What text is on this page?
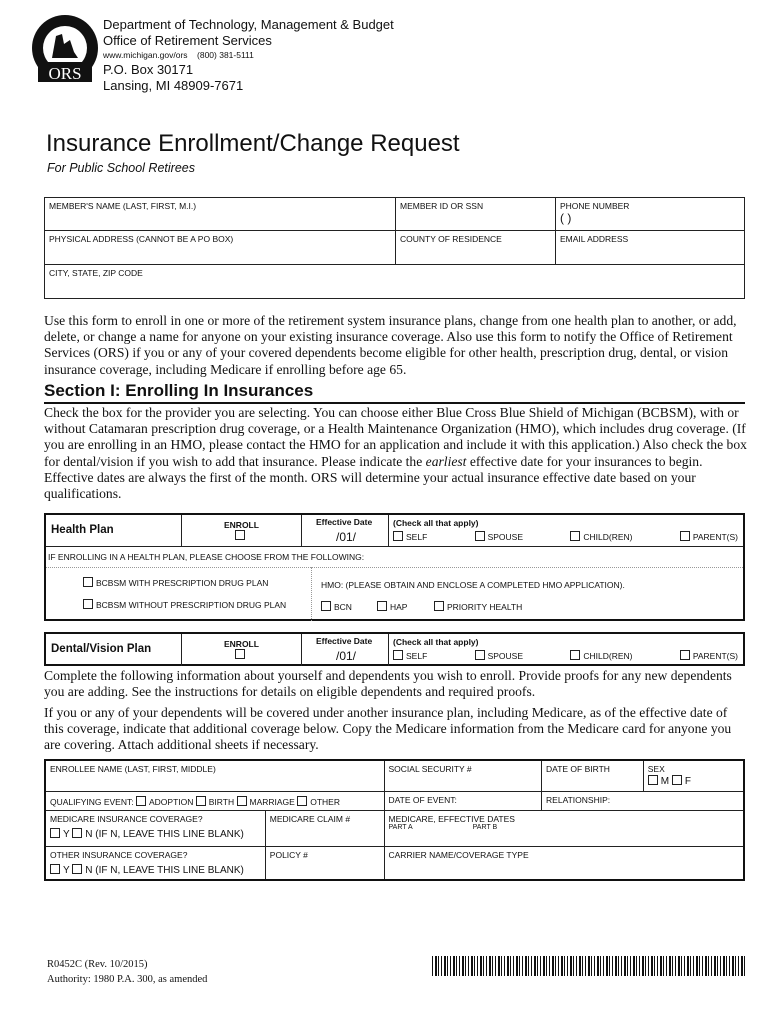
ORS
Department of Technology, Management & Budget
Office of Retirement Services
www.michigan.gov/ors (800) 381-5111
P.O. Box 30171
Lansing, MI 48909-7671
Insurance Enrollment/Change Request
For Public School Retirees
MEMBER'S NAME (LAST, FIRST, M.I.)	MEMBER ID OR SSN	PHONE NUMBER
( )

PHYSICAL ADDRESS (CANNOT BE A PO BOX)	COUNTY OF RESIDENCE	EMAIL ADDRESS
CITY, STATE, ZIP CODE		
Use this form to enroll in one or more of the retirement system insurance plans, change from one health plan to another, or add, delete, or change a name for anyone on your existing insurance coverage. Also use this form to notify the Office of Retirement Services (ORS) if you or any of your covered dependents become eligible for other health, prescription drug, dental, or vision insurance coverage, including Medicare if enrolling before age 65.
Section I: Enrolling In Insurances
Check the box for the provider you are selecting. You can choose either Blue Cross Blue Shield of Michigan (BCBSM), with or without Catamaran prescription drug coverage, or a Health Maintenance Organization (HMO), which includes drug coverage. (If you are enrolling in an HMO, please contact the HMO for an application and include it with this application.) Also check the box for dental/vision if you wish to add that insurance. Please indicate the earliest effective date for your insurances to begin. Effective dates are always the first of the month. ORS will determine your actual insurance effective date based on your qualifications.
Health Plan	ENROLL	Effective Date
/01/
(Check all that apply)
SELF	SPOUSE	CHILD(REN)	PARENT(S)
IF ENROLLING IN A HEALTH PLAN, PLEASE CHOOSE FROM THE FOLLOWING:
BCBSM WITH PRESCRIPTION DRUG PLAN
BCBSM WITHOUT PRESCRIPTION DRUG PLAN
HMO: (PLEASE OBTAIN AND ENCLOSE A COMPLETED HMO APPLICATION).
BCN	HAP	PRIORITY HEALTH
Dental/Vision Plan	ENROLL	Effective Date
/01/
(Check all that apply)
SELF	SPOUSE	CHILD(REN)	PARENT(S)
Complete the following information about yourself and dependents you wish to enroll. Provide proofs for any new dependents you are adding. See the instructions for details on eligible dependents and required proofs.
If you or any of your dependents will be covered under another insurance plan, including Medicare, as of the effective date of this coverage, indicate that additional coverage below. Copy the Medicare information from the Medicare card for anyone you are covering. Attach additional sheets if necessary.
ENROLLEE NAME (LAST, FIRST, MIDDLE)		SOCIAL SECURITY #	DATE OF BIRTH	SEX
M F

QUALIFYING EVENT: ADOPTION BIRTH MARRIAGE OTHER		DATE OF EVENT:	RELATIONSHIP:	
MEDICARE INSURANCE COVERAGE?
Y N (IF N, LEAVE THIS LINE BLANK)	MEDICARE CLAIM #	MEDICARE, EFFECTIVE DATES
PART A PART B		

OTHER INSURANCE COVERAGE?
Y N (IF N, LEAVE THIS LINE BLANK)	POLICY #	CARRIER NAME/COVERAGE TYPE		
R0452C (Rev. 10/2015)
Authority: 1980 P.A. 300, as amended
